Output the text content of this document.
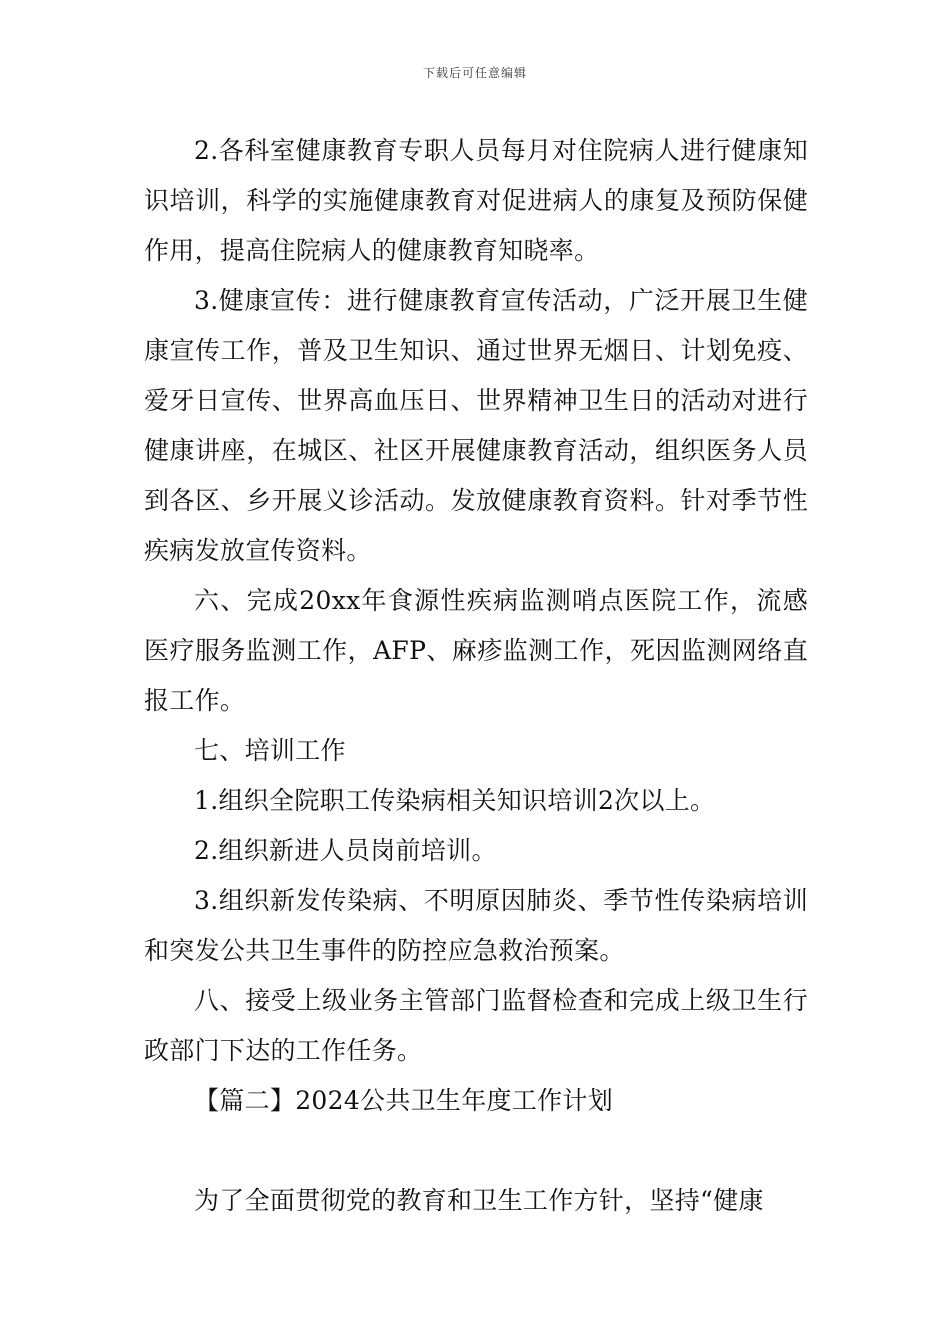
下载后可任意编辑

2.各科室健康教育专职人员每月对住院病人进行健康知识培训，科学的实施健康教育对促进病人的康复及预防保健作用，提高住院病人的健康教育知晓率。

3.健康宣传：进行健康教育宣传活动，广泛开展卫生健康宣传工作，普及卫生知识、通过世界无烟日、计划免疫、爱牙日宣传、世界高血压日、世界精神卫生日的活动对进行健康讲座，在城区、社区开展健康教育活动，组织医务人员到各区、乡开展义诊活动。发放健康教育资料。针对季节性疾病发放宣传资料。

六、完成20xx年食源性疾病监测哨点医院工作，流感医疗服务监测工作，AFP、麻疹监测工作，死因监测网络直报工作。

七、培训工作

1.组织全院职工传染病相关知识培训2次以上。

2.组织新进人员岗前培训。

3.组织新发传染病、不明原因肺炎、季节性传染病培训和突发公共卫生事件的防控应急救治预案。

八、接受上级业务主管部门监督检查和完成上级卫生行政部门下达的工作任务。

【篇二】2024公共卫生年度工作计划

为了全面贯彻党的教育和卫生工作方针，坚持“健康
